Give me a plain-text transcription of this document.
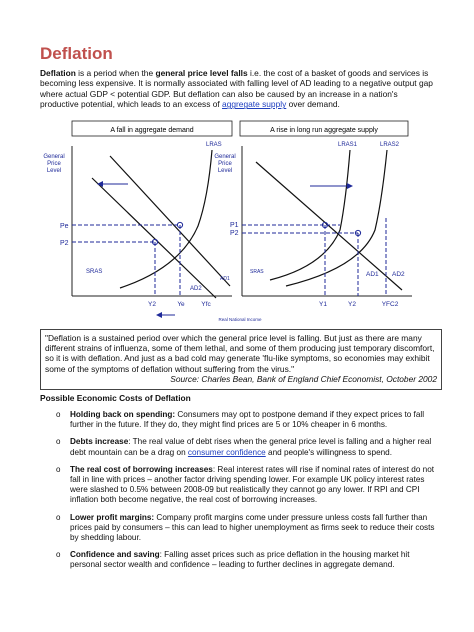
Deflation
Deflation is a period when the general price level falls i.e. the cost of a basket of goods and services is becoming less expensive. It is normally associated with falling level of AD leading to a negative output gap where actual GDP < potential GDP. But deflation can also be caused by an increase in a nation's productive potential, which leads to an excess of aggregate supply over demand.
A fall in aggregate demand
General
Price
Level
LRAS
Pe
P2
SRAS
AD2
AD1
Y2	Ye	Yfc
Real National Income
A rise in long run aggregate supply
General
Price
Level
LRAS1	LRAS2
P1
P2
SRAS	AD1 AD2
Y1	Y2	YFC2
"Deflation is a sustained period over which the general price level is falling. But just as there are many different strains of influenza, some of them lethal, and some of them producing just temporary discomfort, so it is with deflation. And just as a bad cold may generate 'flu-like symptoms, so economies may exhibit some of the symptoms of deflation without suffering from the virus."
Source: Charles Bean, Bank of England Chief Economist, October 2002
Possible Economic Costs of Deflation
o Holding back on spending: Consumers may opt to postpone demand if they expect prices to fall further in the future. If they do, they might find prices are 5 or 10% cheaper in 6 months.
o Debts increase: The real value of debt rises when the general price level is falling and a higher real debt mountain can be a drag on consumer confidence and people's willingness to spend.
o The real cost of borrowing increases: Real interest rates will rise if nominal rates of interest do not fall in line with prices – another factor driving spending lower. For example UK policy interest rates were slashed to 0.5% between 2008-09 but realistically they cannot go any lower. If RPI and CPI inflation both become negative, the real cost of borrowing increases.
o Lower profit margins: Company profit margins come under pressure unless costs fall further than prices paid by consumers – this can lead to higher unemployment as firms seek to reduce their costs by shedding labour.
o Confidence and saving: Falling asset prices such as price deflation in the housing market hit personal sector wealth and confidence – leading to further declines in aggregate demand.
